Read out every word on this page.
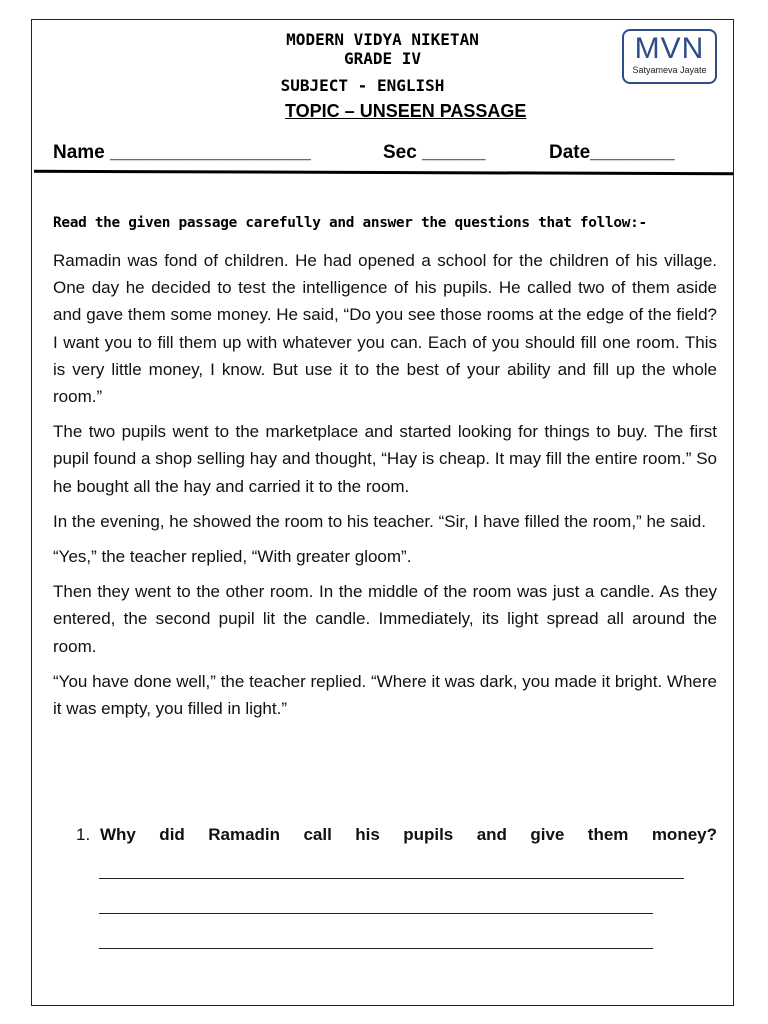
MODERN VIDYA NIKETAN
GRADE IV
SUBJECT - ENGLISH
TOPIC – UNSEEN PASSAGE
MVN
Satyameva Jayate
Name ___________________	Sec ______	Date________
Read the given passage carefully and answer the questions that follow:-

Ramadin was fond of children. He had opened a school for the children of his village. One day he decided to test the intelligence of his pupils. He called two of them aside and gave them some money. He said, “Do you see those rooms at the edge of the field? I want you to fill them up with whatever you can. Each of you should fill one room. This is very little money, I know. But use it to the best of your ability and fill up the whole room.”

The two pupils went to the marketplace and started looking for things to buy. The first pupil found a shop selling hay and thought, “Hay is cheap. It may fill the entire room.” So he bought all the hay and carried it to the room.

In the evening, he showed the room to his teacher. “Sir, I have filled the room,” he said.

“Yes,” the teacher replied, “With greater gloom”.

Then they went to the other room. In the middle of the room was just a candle. As they entered, the second pupil lit the candle. Immediately, its light spread all around the room.

“You have done well,” the teacher replied. “Where it was dark, you made it bright. Where it was empty, you filled in light.”

1. Why did Ramadin call his pupils and give them money?
